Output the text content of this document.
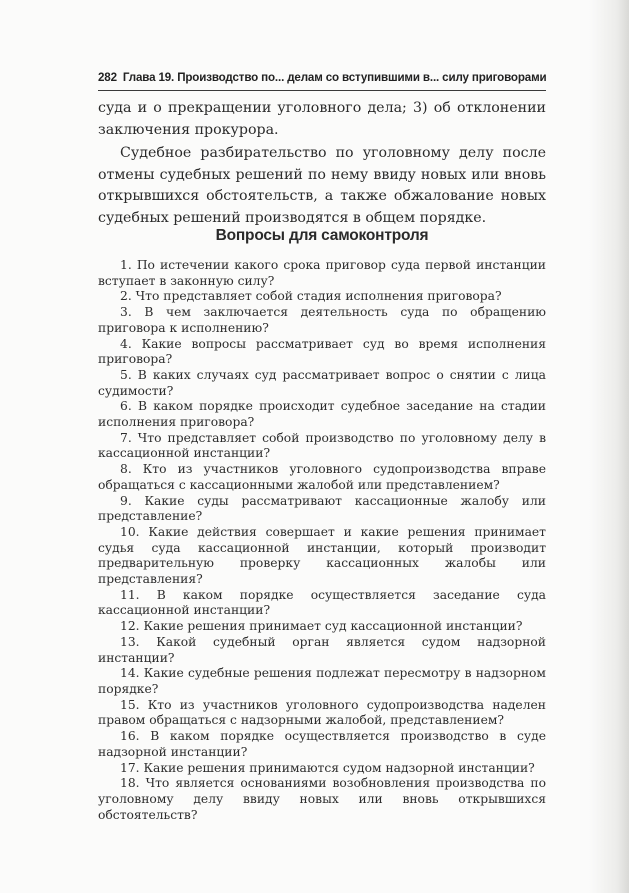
282 Глава 19. Производство по... делам со вступившими в... силу приговорами

суда и о прекращении уголовного дела; 3) об отклонении заключения прокурора.

Судебное разбирательство по уголовному делу после отмены судебных решений по нему ввиду новых или вновь открывшихся обстоятельств, а также обжалование новых судебных решений производятся в общем порядке.

Вопросы для самоконтроля

1. По истечении какого срока приговор суда первой инстанции вступает в законную силу?

2. Что представляет собой стадия исполнения приговора?

3. В чем заключается деятельность суда по обращению приговора к исполнению?

4. Какие вопросы рассматривает суд во время исполнения приговора?

5. В каких случаях суд рассматривает вопрос о снятии с лица судимости?

6. В каком порядке происходит судебное заседание на стадии исполнения приговора?

7. Что представляет собой производство по уголовному делу в кассационной инстанции?

8. Кто из участников уголовного судопроизводства вправе обращаться с кассационными жалобой или представлением?

9. Какие суды рассматривают кассационные жалобу или представление?

10. Какие действия совершает и какие решения принимает судья суда кассационной инстанции, который производит предварительную проверку кассационных жалобы или представления?

11. В каком порядке осуществляется заседание суда кассационной инстанции?

12. Какие решения принимает суд кассационной инстанции?

13. Какой судебный орган является судом надзорной инстанции?

14. Какие судебные решения подлежат пересмотру в надзорном порядке?

15. Кто из участников уголовного судопроизводства наделен правом обращаться с надзорными жалобой, представлением?

16. В каком порядке осуществляется производство в суде надзорной инстанции?

17. Какие решения принимаются судом надзорной инстанции?

18. Что является основаниями возобновления производства по уголовному делу ввиду новых или вновь открывшихся обстоятельств?
